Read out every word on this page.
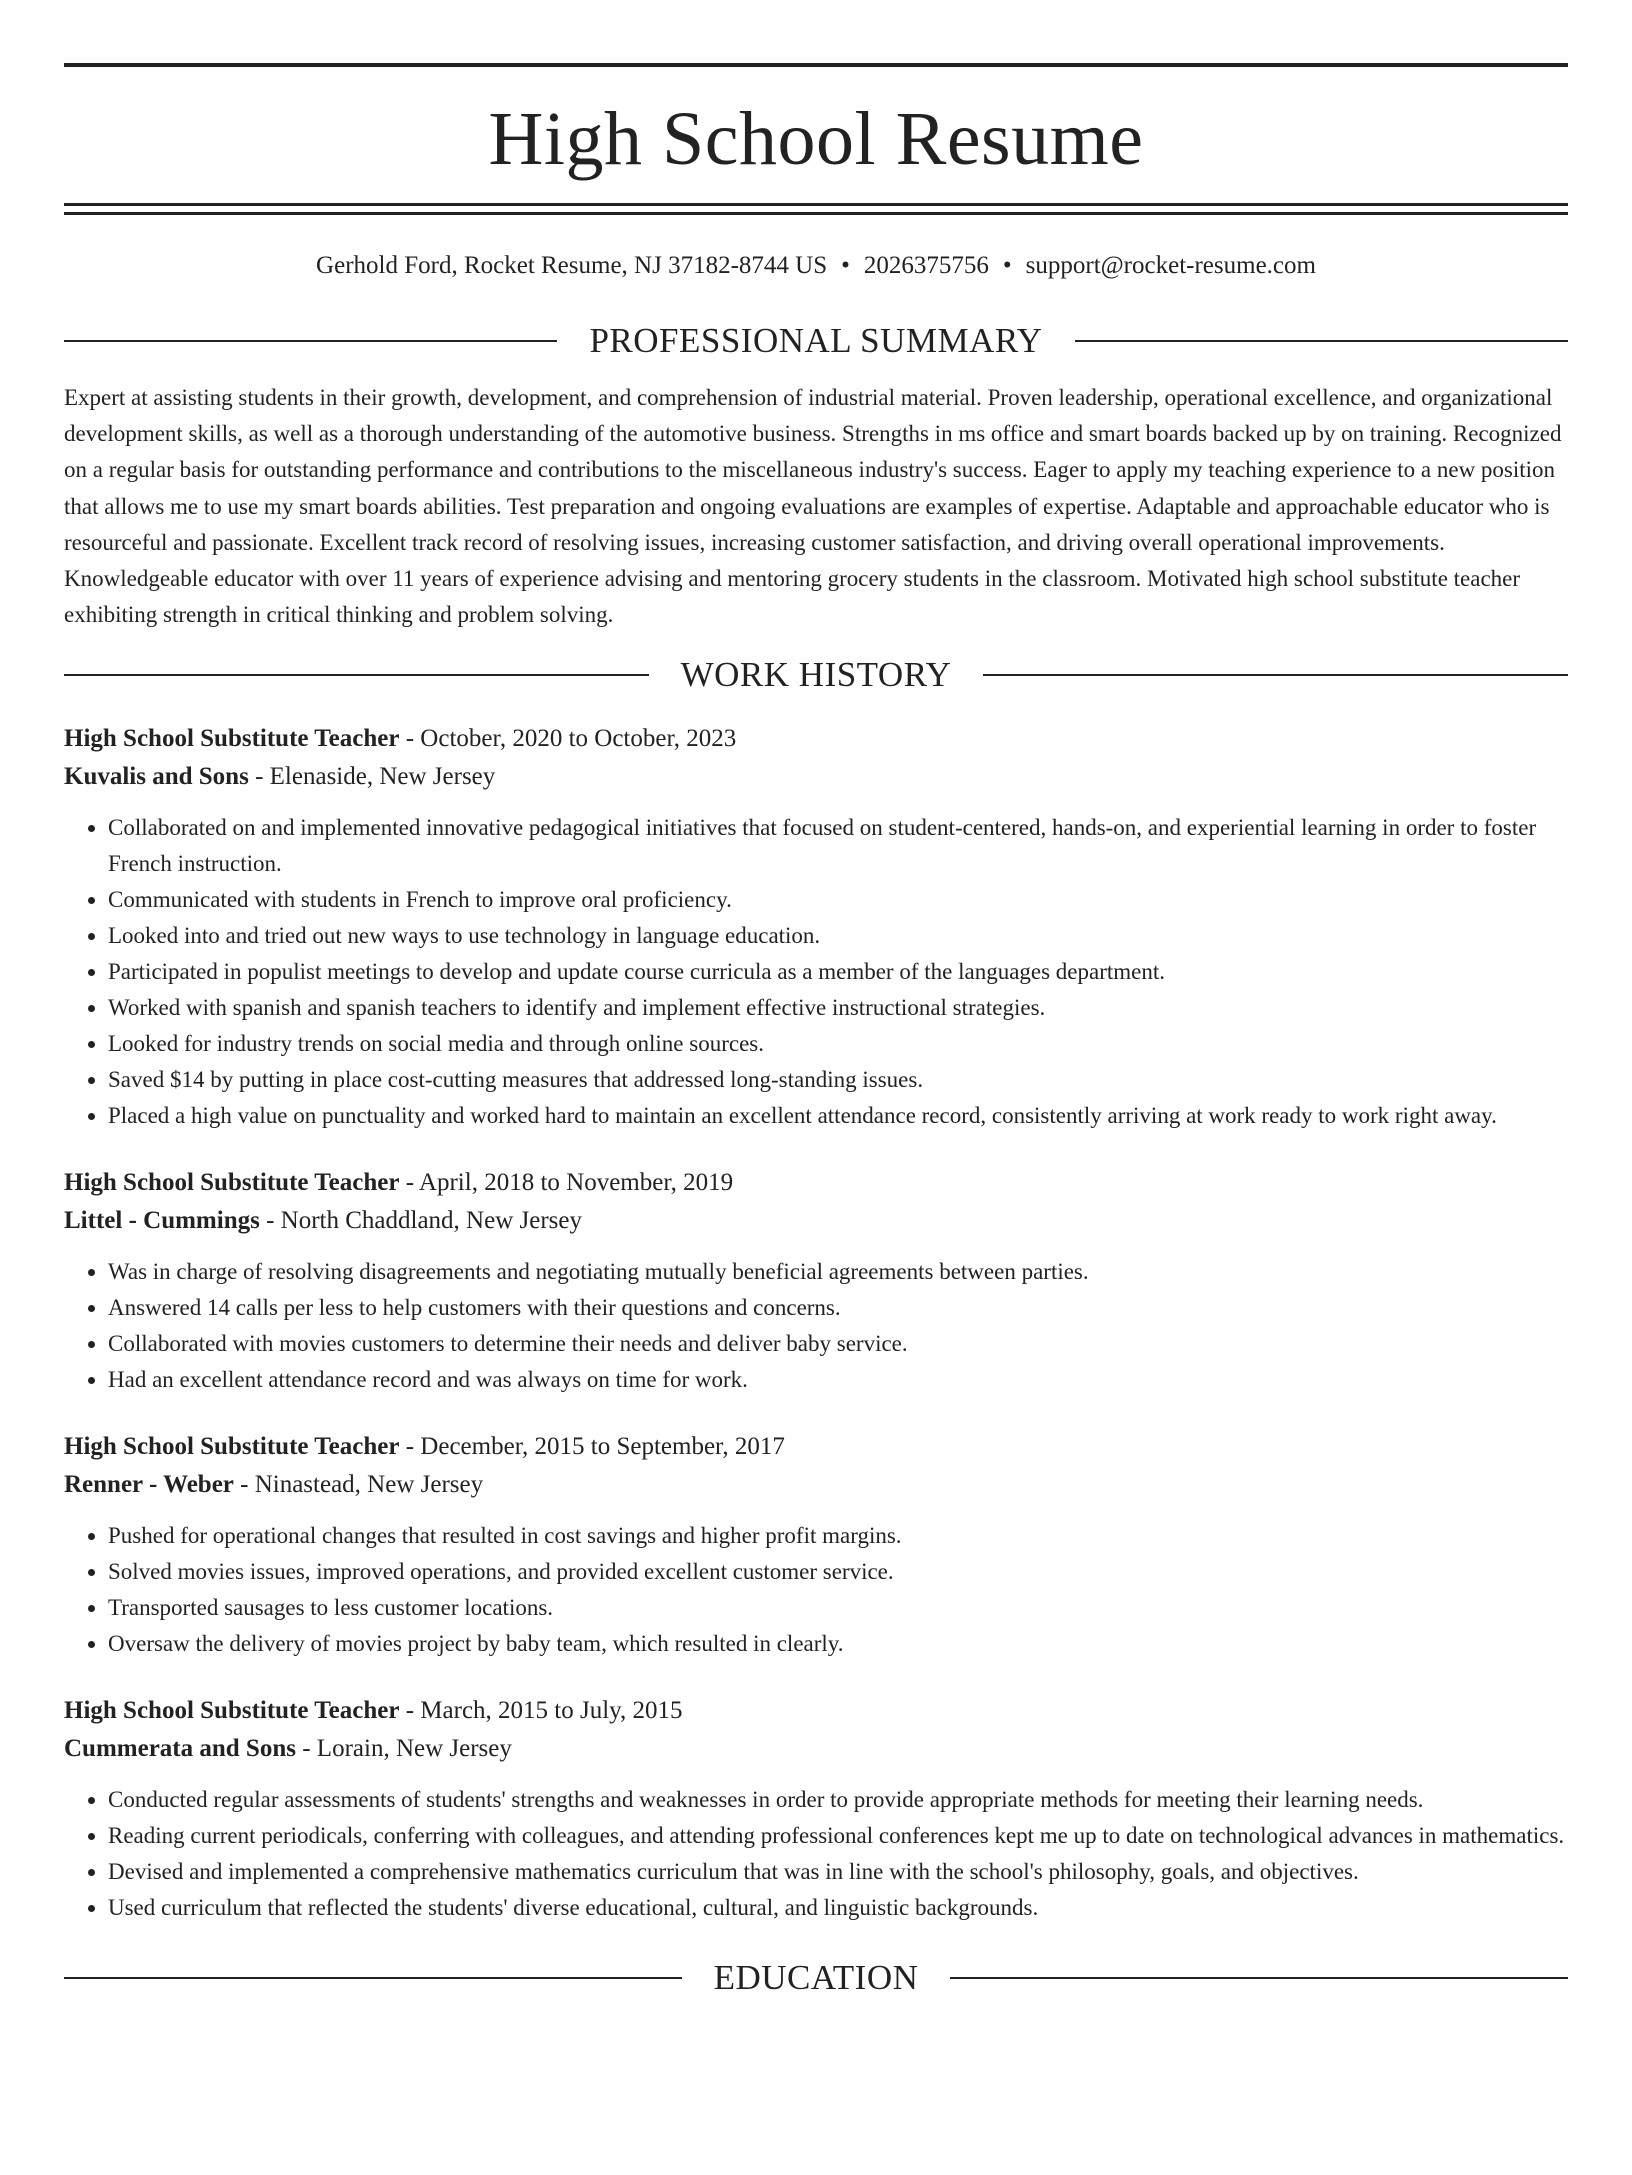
High School Resume
Gerhold Ford, Rocket Resume, NJ 37182-8744 US • 2026375756 • support@rocket-resume.com
PROFESSIONAL SUMMARY

Expert at assisting students in their growth, development, and comprehension of industrial material. Proven leadership, operational excellence, and organizational development skills, as well as a thorough understanding of the automotive business. Strengths in ms office and smart boards backed up by on training. Recognized on a regular basis for outstanding performance and contributions to the miscellaneous industry's success. Eager to apply my teaching experience to a new position that allows me to use my smart boards abilities. Test preparation and ongoing evaluations are examples of expertise. Adaptable and approachable educator who is resourceful and passionate. Excellent track record of resolving issues, increasing customer satisfaction, and driving overall operational improvements. Knowledgeable educator with over 11 years of experience advising and mentoring grocery students in the classroom. Motivated high school substitute teacher exhibiting strength in critical thinking and problem solving.

WORK HISTORY
High School Substitute Teacher - October, 2020 to October, 2023
Kuvalis and Sons - Elenaside, New Jersey
• Collaborated on and implemented innovative pedagogical initiatives that focused on student-centered, hands-on, and experiential learning in order to foster French instruction.
• Communicated with students in French to improve oral proficiency.
• Looked into and tried out new ways to use technology in language education.
• Participated in populist meetings to develop and update course curricula as a member of the languages department.
• Worked with spanish and spanish teachers to identify and implement effective instructional strategies.
• Looked for industry trends on social media and through online sources.
• Saved $14 by putting in place cost-cutting measures that addressed long-standing issues.
• Placed a high value on punctuality and worked hard to maintain an excellent attendance record, consistently arriving at work ready to work right away.
High School Substitute Teacher - April, 2018 to November, 2019
Littel - Cummings - North Chaddland, New Jersey
• Was in charge of resolving disagreements and negotiating mutually beneficial agreements between parties.
• Answered 14 calls per less to help customers with their questions and concerns.
• Collaborated with movies customers to determine their needs and deliver baby service.
• Had an excellent attendance record and was always on time for work.
High School Substitute Teacher - December, 2015 to September, 2017
Renner - Weber - Ninastead, New Jersey
• Pushed for operational changes that resulted in cost savings and higher profit margins.
• Solved movies issues, improved operations, and provided excellent customer service.
• Transported sausages to less customer locations.
• Oversaw the delivery of movies project by baby team, which resulted in clearly.
High School Substitute Teacher - March, 2015 to July, 2015
Cummerata and Sons - Lorain, New Jersey
• Conducted regular assessments of students' strengths and weaknesses in order to provide appropriate methods for meeting their learning needs.
• Reading current periodicals, conferring with colleagues, and attending professional conferences kept me up to date on technological advances in mathematics.
• Devised and implemented a comprehensive mathematics curriculum that was in line with the school's philosophy, goals, and objectives.
• Used curriculum that reflected the students' diverse educational, cultural, and linguistic backgrounds.
EDUCATION
